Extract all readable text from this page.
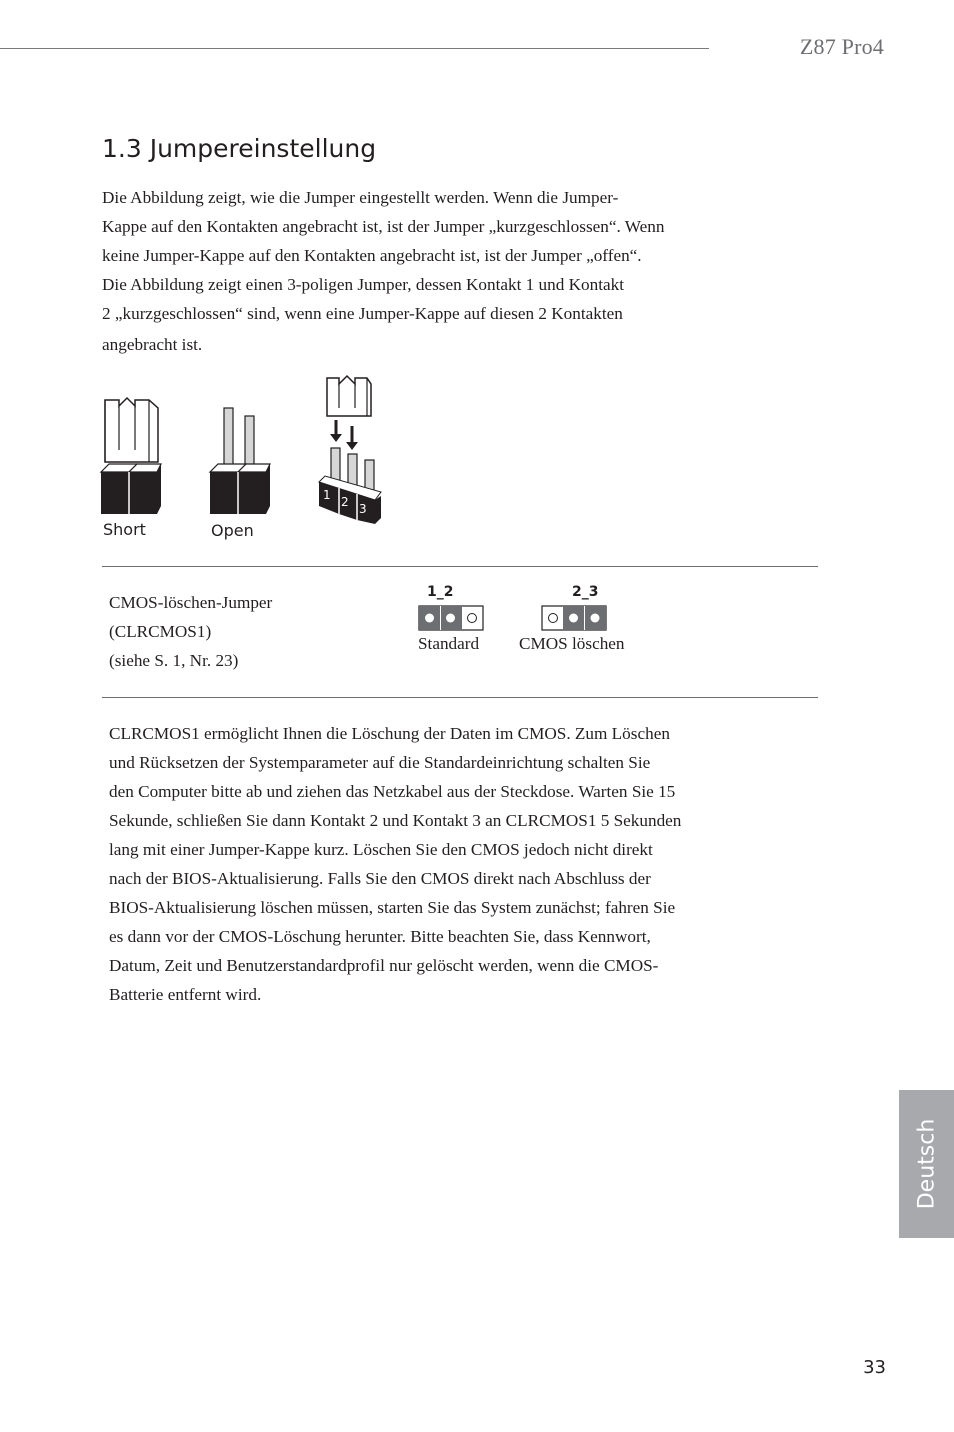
Z87 Pro4
1.3 Jumpereinstellung

Die Abbildung zeigt, wie die Jumper eingestellt werden. Wenn die Jumper-

Kappe auf den Kontakten angebracht ist, ist der Jumper „kurzgeschlossen“. Wenn

keine Jumper-Kappe auf den Kontakten angebracht ist, ist der Jumper „offen“.

Die Abbildung zeigt einen 3-poligen Jumper, dessen Kontakt 1 und Kontakt

2 „kurzgeschlossen“ sind, wenn eine Jumper-Kappe auf diesen 2 Kontakten

angebracht ist.

1 2 3
Short	Open
CMOS-löschen-Jumper
(CLRCMOS1)
(siehe S. 1, Nr. 23)
1_2
Standard
2_3
CMOS löschen

CLRCMOS1 ermöglicht Ihnen die Löschung der Daten im CMOS. Zum Löschen

und Rücksetzen der Systemparameter auf die Standardeinrichtung schalten Sie

den Computer bitte ab und ziehen das Netzkabel aus der Steckdose. Warten Sie 15

Sekunde, schließen Sie dann Kontakt 2 und Kontakt 3 an CLRCMOS1 5 Sekunden

lang mit einer Jumper-Kappe kurz. Löschen Sie den CMOS jedoch nicht direkt

nach der BIOS-Aktualisierung. Falls Sie den CMOS direkt nach Abschluss der

BIOS-Aktualisierung löschen müssen, starten Sie das System zunächst; fahren Sie

es dann vor der CMOS-Löschung herunter. Bitte beachten Sie, dass Kennwort,

Datum, Zeit und Benutzerstandardprofil nur gelöscht werden, wenn die CMOS-

Batterie entfernt wird.

Deutsch
33
